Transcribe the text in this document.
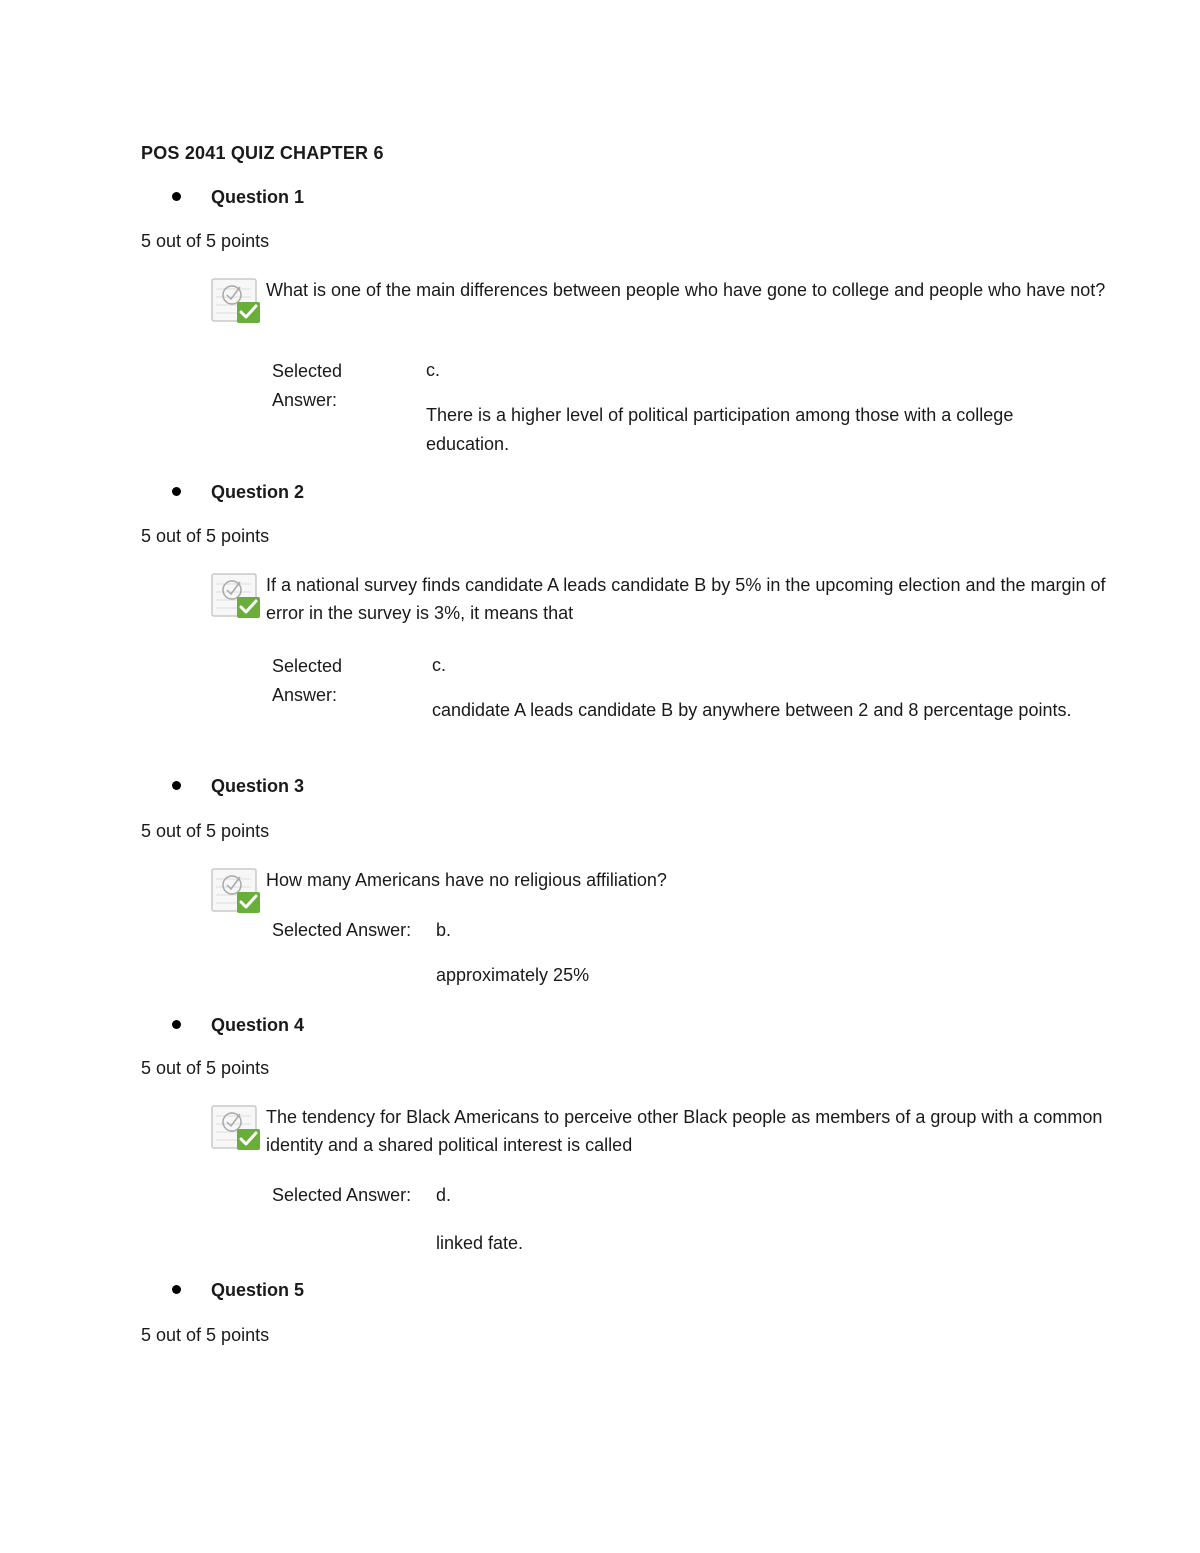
POS 2041 QUIZ CHAPTER 6
Question 1
5 out of 5 points
What is one of the main differences between people who have gone to college and people who have not?
Selected Answer:
c.
There is a higher level of political participation among those with a college education.
Question 2
5 out of 5 points
If a national survey finds candidate A leads candidate B by 5% in the upcoming election and the margin of error in the survey is 3%, it means that
Selected Answer:
c.
candidate A leads candidate B by anywhere between 2 and 8 percentage points.
Question 3
5 out of 5 points
How many Americans have no religious affiliation?
Selected Answer: b.
approximately 25%
Question 4
5 out of 5 points
The tendency for Black Americans to perceive other Black people as members of a group with a common identity and a shared political interest is called
Selected Answer: d.
linked fate.
Question 5
5 out of 5 points
